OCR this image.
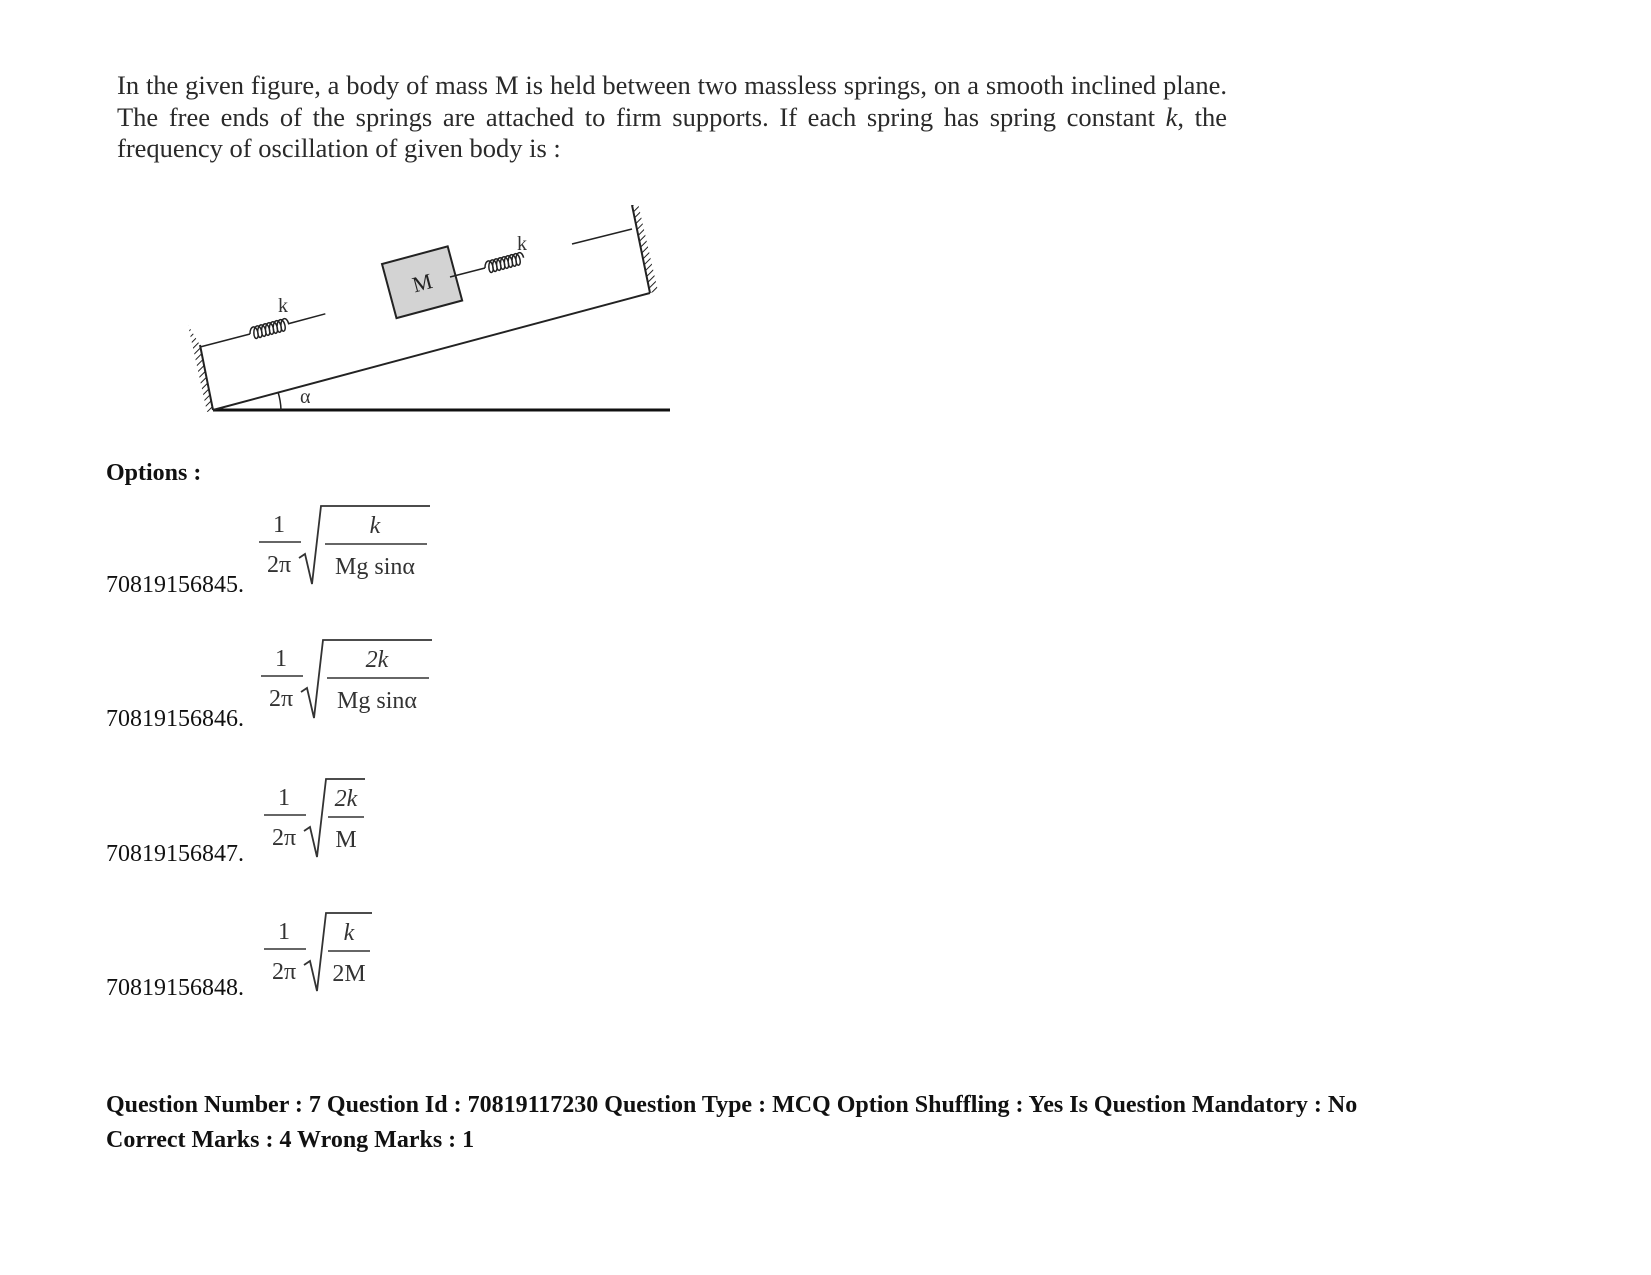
In the given figure, a body of mass M is held between two massless springs, on a smooth inclined plane. The free ends of the springs are attached to firm supports. If each spring has spring constant k, the frequency of oscillation of given body is :
α
k
M
k
Options :
70819156845.
1
2π
k
Mg sinα
70819156846.
1
2π
2k
Mg sinα
70819156847.
1
2π
2k
M
70819156848.
1
2π
k
2M
Question Number : 7 Question Id : 70819117230 Question Type : MCQ Option Shuffling : Yes Is Question Mandatory : No
Correct Marks : 4 Wrong Marks : 1
